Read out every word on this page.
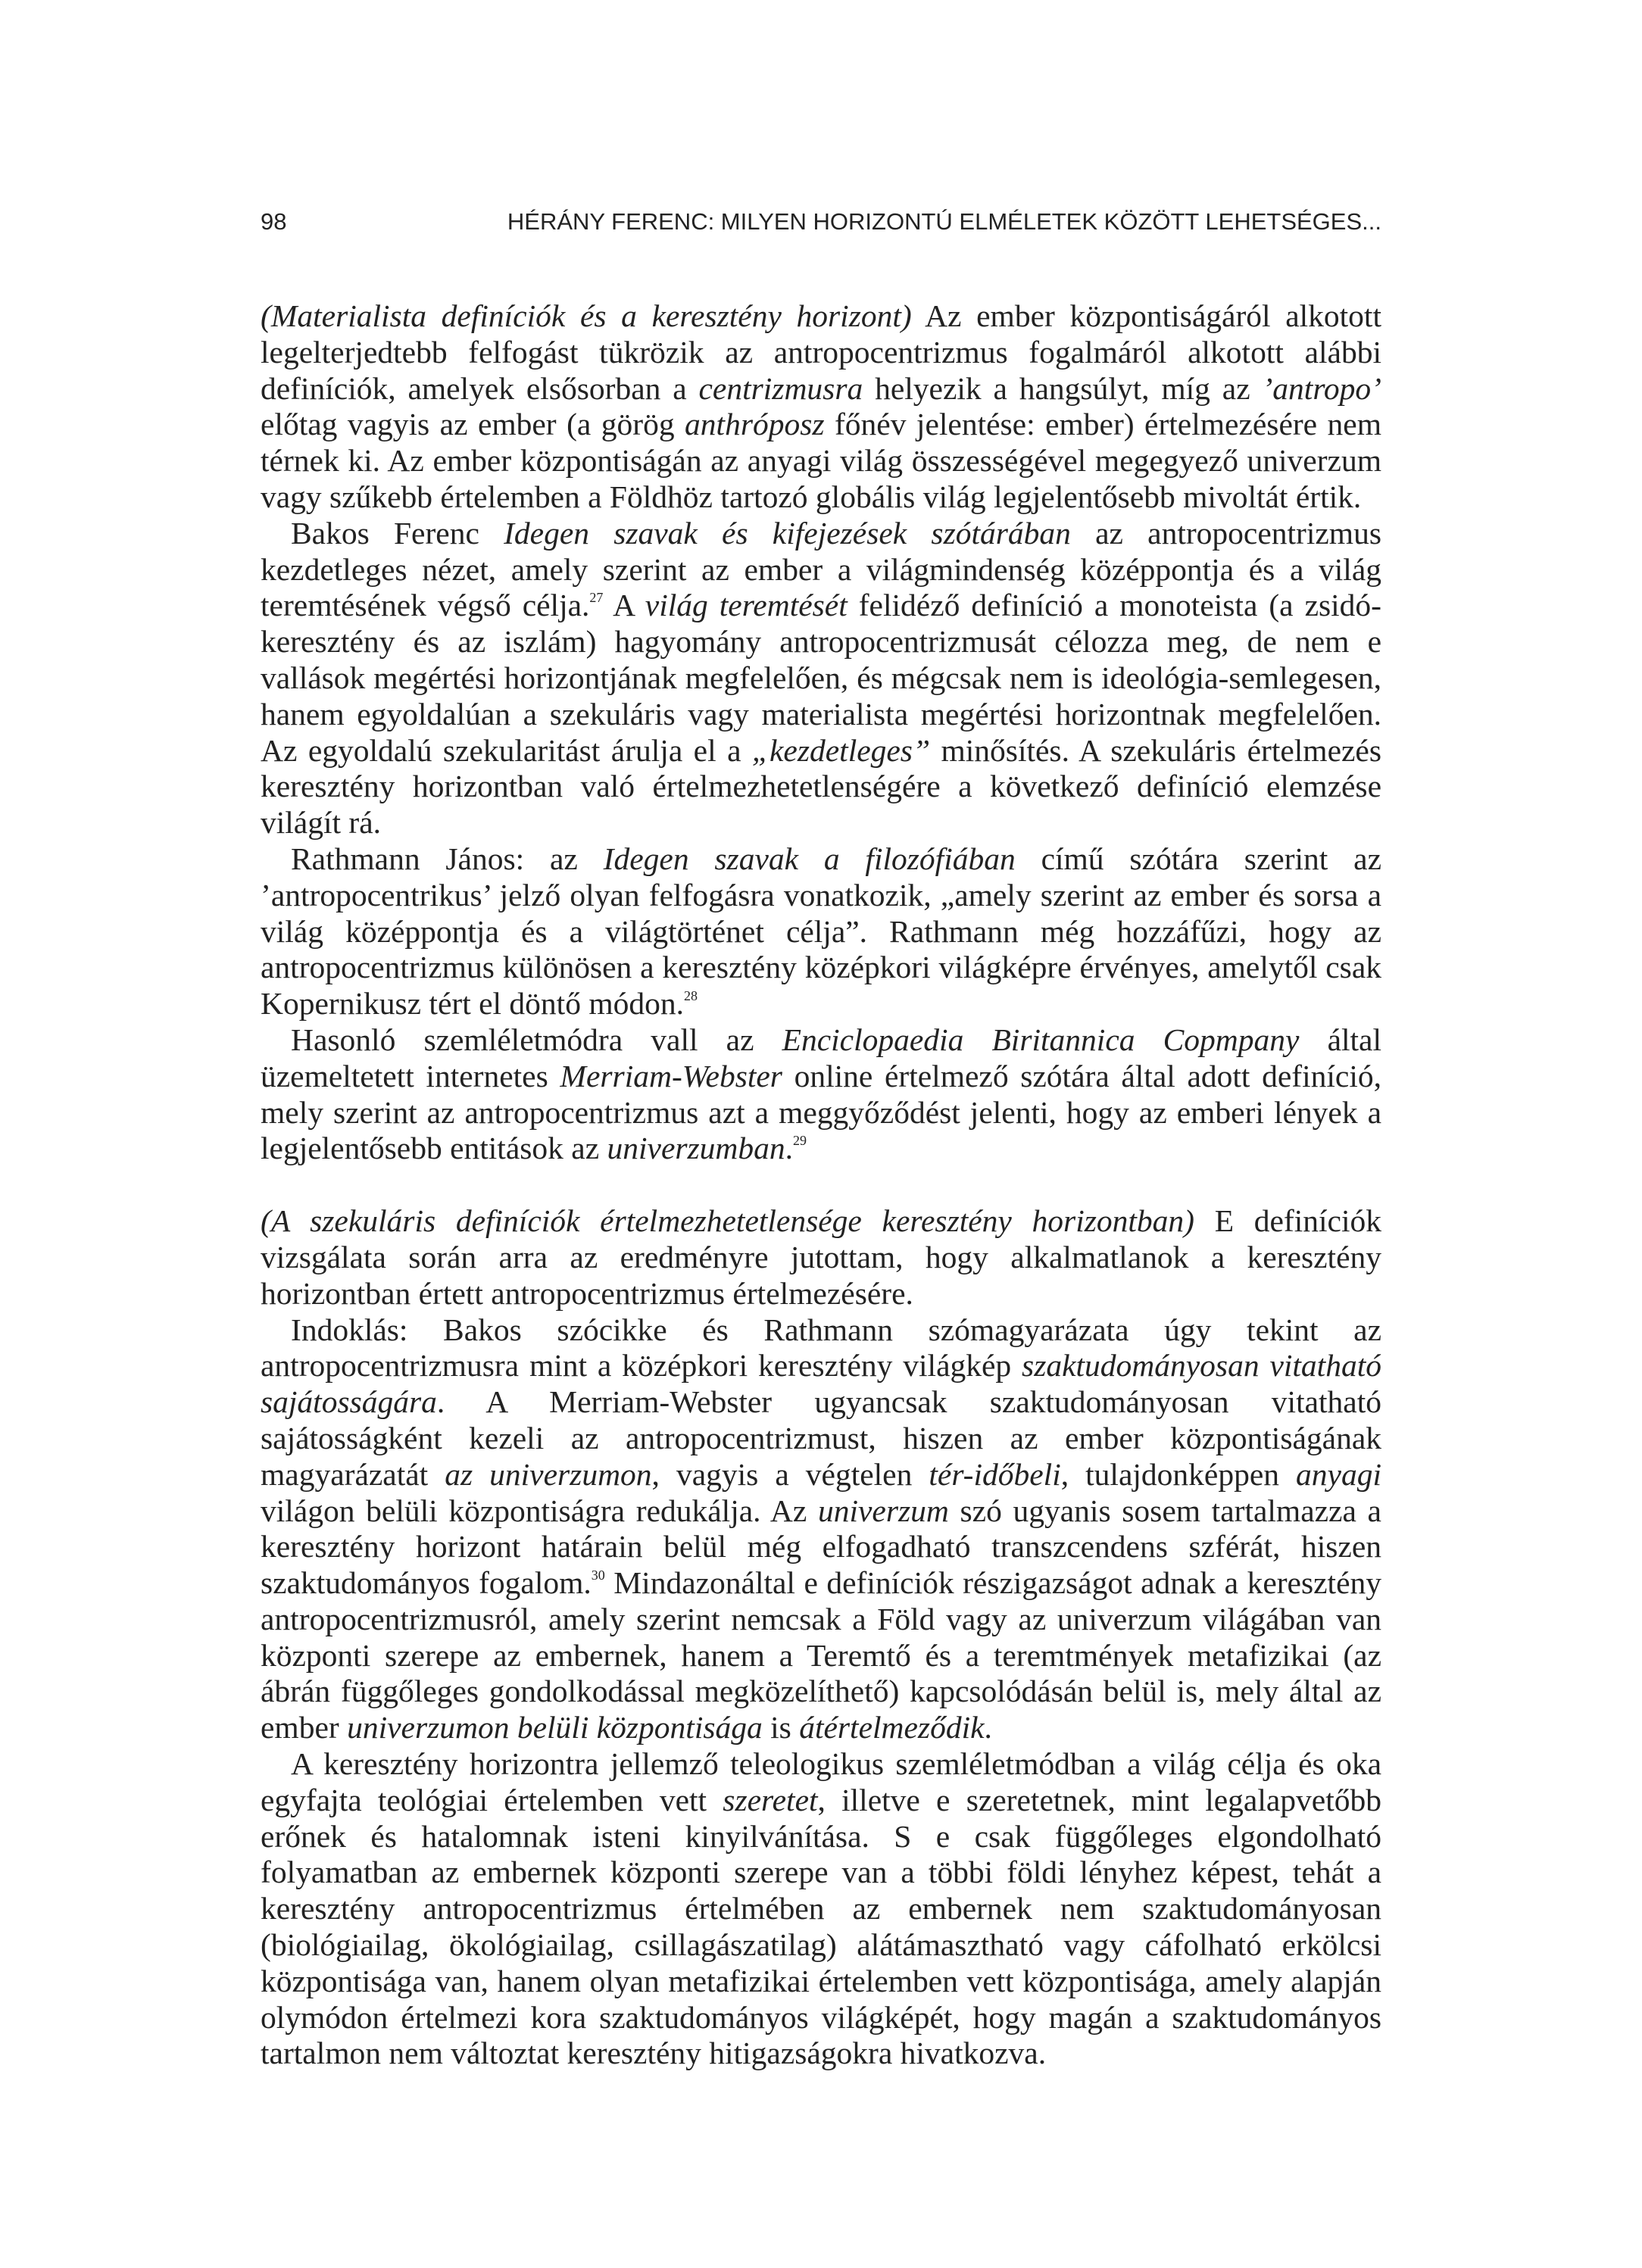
98	HÉRÁNY FERENC: MILYEN HORIZONTÚ ELMÉLETEK KÖZÖTT LEHETSÉGES...

(Materialista definíciók és a keresztény horizont) Az ember központiságáról alkotott legelterjedtebb felfogást tükrözik az antropocentrizmus fogalmáról alkotott alábbi definíciók, amelyek elsősorban a centrizmusra helyezik a hangsúlyt, míg az ’antropo’ előtag vagyis az ember (a görög anthróposz főnév jelentése: ember) értelmezésére nem térnek ki. Az ember központiságán az anyagi világ összességével megegyező univerzum vagy szűkebb értelemben a Földhöz tartozó globális világ legjelentősebb mivoltát értik.

Bakos Ferenc Idegen szavak és kifejezések szótárában az antropocentrizmus kezdetleges nézet, amely szerint az ember a világmindenség középpontja és a világ teremtésének végső célja.$^{27}$ A világ teremtését felidéző definíció a monoteista (a zsidó-keresztény és az iszlám) hagyomány antropocentrizmusát célozza meg, de nem e vallások megértési horizontjának megfelelően, és mégcsak nem is ideológia-semlegesen, hanem egyoldalúan a szekuláris vagy materialista megértési horizontnak megfelelően. Az egyoldalú szekularitást árulja el a „kezdetleges” minősítés. A szekuláris értelmezés keresztény horizontban való értelmezhetetlenségére a következő definíció elemzése világít rá.

Rathmann János: az Idegen szavak a filozófiában című szótára szerint az ’antropocentrikus’ jelző olyan felfogásra vonatkozik, „amely szerint az ember és sorsa a világ középpontja és a világtörténet célja”. Rathmann még hozzáfűzi, hogy az antropocentrizmus különösen a keresztény középkori világképre érvényes, amelytől csak Kopernikusz tért el döntő módon.$^{28}$

Hasonló szemléletmódra vall az Enciclopaedia Biritannica Copmpany által üzemeltetett internetes Merriam-Webster online értelmező szótára által adott definíció, mely szerint az antropocentrizmus azt a meggyőződést jelenti, hogy az emberi lények a legjelentősebb entitások az univerzumban.$^{29}$

(A szekuláris definíciók értelmezhetetlensége keresztény horizontban) E definíciók vizsgálata során arra az eredményre jutottam, hogy alkalmatlanok a keresztény horizontban értett antropocentrizmus értelmezésére.

Indoklás: Bakos szócikke és Rathmann szómagyarázata úgy tekint az antropocentrizmusra mint a középkori keresztény világkép szaktudományosan vitatható sajátosságára. A Merriam-Webster ugyancsak szaktudományosan vitatható sajátosságként kezeli az antropocentrizmust, hiszen az ember központiságának magyarázatát az univerzumon, vagyis a végtelen tér-időbeli, tulajdonképpen anyagi világon belüli központiságra redukálja. Az univerzum szó ugyanis sosem tartalmazza a keresztény horizont határain belül még elfogadható transzcendens szférát, hiszen szaktudományos fogalom.$^{30}$ Mindazonáltal e definíciók részigazságot adnak a keresztény antropocentrizmusról, amely szerint nemcsak a Föld vagy az univerzum világában van központi szerepe az embernek, hanem a Teremtő és a teremtmények metafizikai (az ábrán függőleges gondolkodással megközelíthető) kapcsolódásán belül is, mely által az ember univerzumon belüli központisága is átértelmeződik.

A keresztény horizontra jellemző teleologikus szemléletmódban a világ célja és oka egyfajta teológiai értelemben vett szeretet, illetve e szeretetnek, mint legalapvetőbb erőnek és hatalomnak isteni kinyilvánítása. S e csak függőleges elgondolható folyamatban az embernek központi szerepe van a többi földi lényhez képest, tehát a keresztény antropocentrizmus értelmében az embernek nem szaktudományosan (biológiailag, ökológiailag, csillagászatilag) alátámasztható vagy cáfolható erkölcsi központisága van, hanem olyan metafizikai értelemben vett központisága, amely alapján olymódon értelmezi kora szaktudományos világképét, hogy magán a szaktudományos tartalmon nem változtat keresztény hitigazságokra hivatkozva.
